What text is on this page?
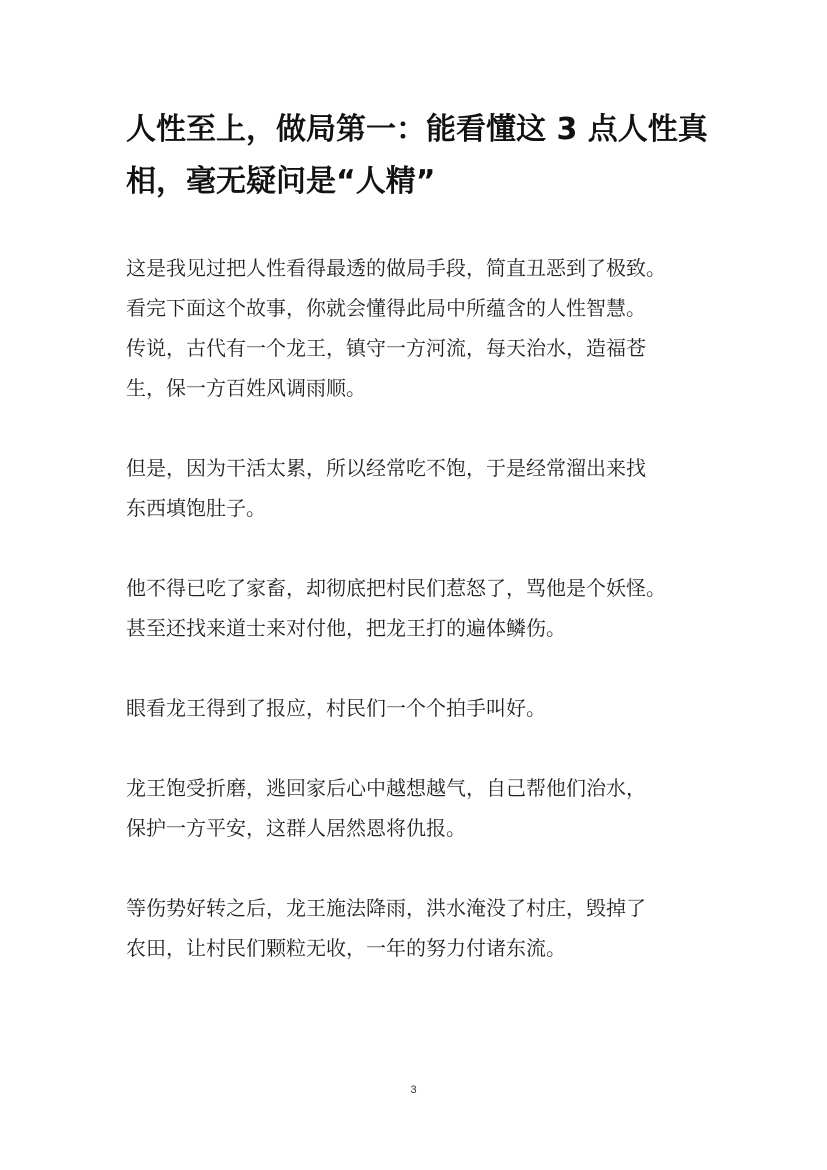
人性至上，做局第一：能看懂这 3 点人性真
相，毫无疑问是“人精”

这是我见过把人性看得最透的做局手段，简直丑恶到了极致。
看完下面这个故事，你就会懂得此局中所蕴含的人性智慧。
传说，古代有一个龙王，镇守一方河流，每天治水，造福苍
生，保一方百姓风调雨顺。

但是，因为干活太累，所以经常吃不饱，于是经常溜出来找
东西填饱肚子。

他不得已吃了家畜，却彻底把村民们惹怒了，骂他是个妖怪。
甚至还找来道士来对付他，把龙王打的遍体鳞伤。

眼看龙王得到了报应，村民们一个个拍手叫好。

龙王饱受折磨，逃回家后心中越想越气，自己帮他们治水，
保护一方平安，这群人居然恩将仇报。

等伤势好转之后，龙王施法降雨，洪水淹没了村庄，毁掉了
农田，让村民们颗粒无收，一年的努力付诸东流。

3
